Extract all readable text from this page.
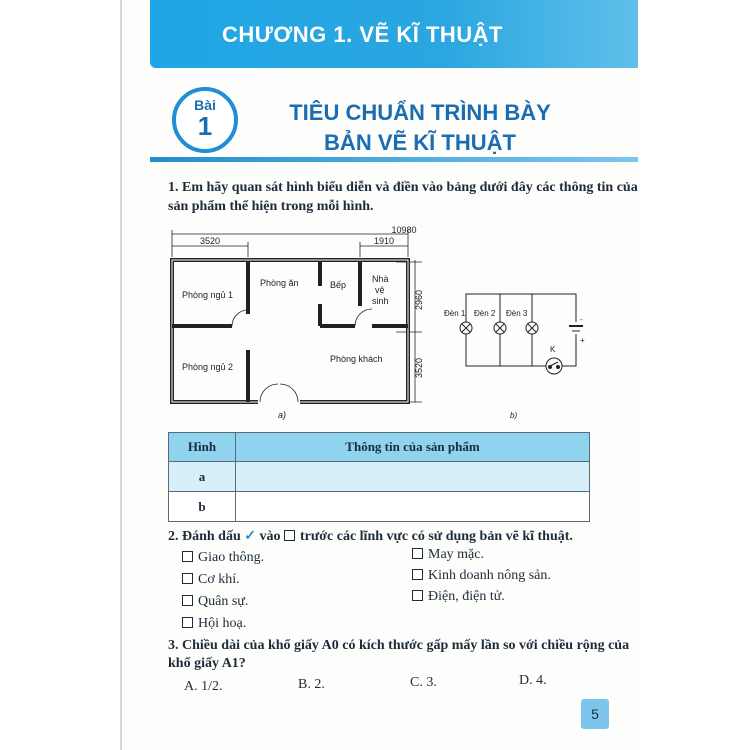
CHƯƠNG 1. VẼ KĨ THUẬT
Bài
1	TIÊU CHUẨN TRÌNH BÀY
BẢN VẼ KĨ THUẬT
1. Em hãy quan sát hình biểu diễn và điền vào bảng dưới đây các thông tin của
sản phẩm thể hiện trong mỗi hình.
10980
3520	1910
2960
3520
Phòng ngủ 1
Phòng ngủ 2
Phòng ăn	Bếp
Nhà
vệ
sinh
Phòng khách
a)
Đèn 1 Đèn 2 Đèn 3
K
-
+
b)
Hình	Thông tin của sản phẩm
a	
b	
2. Đánh dấu ✓ vào trước các lĩnh vực có sử dụng bản vẽ kĩ thuật.
Giao thông.	May mặc.
Cơ khí.	Kinh doanh nông sản.
Quân sự.	Điện, điện tử.
Hội hoạ.
3. Chiều dài của khổ giấy A0 có kích thước gấp mấy lần so với chiều rộng của
khổ giấy A1?
A. 1/2.	B. 2.	C. 3.	D. 4.
5
